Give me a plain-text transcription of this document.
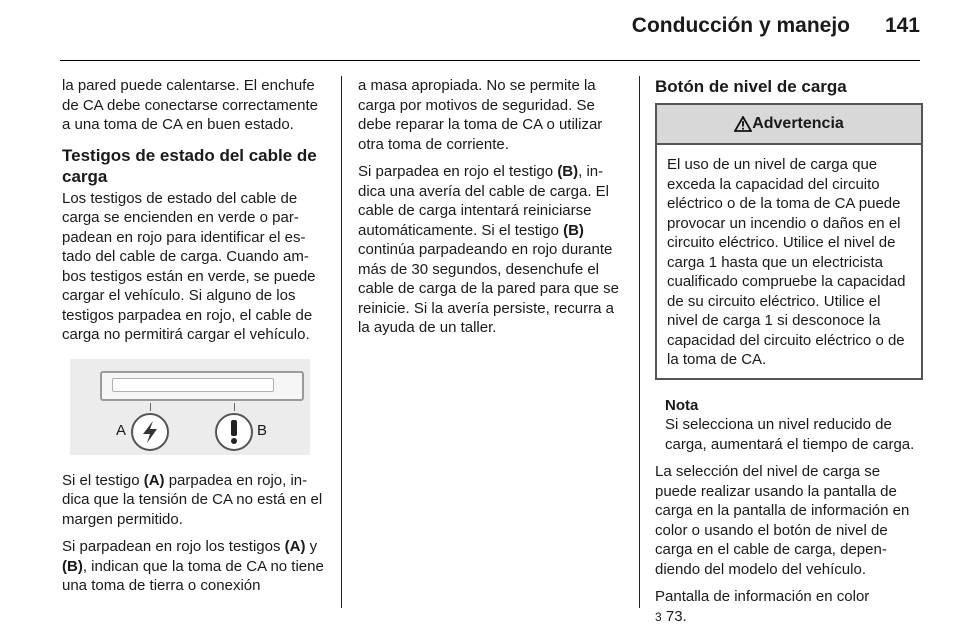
Conducción y manejo 141

la pared puede calentarse. El enchufe de CA debe conectarse correctamente a una toma de CA en buen estado.

Testigos de estado del cable de carga

Los testigos de estado del cable de carga se encienden en verde o parpadean en rojo para identificar el estado del cable de carga. Cuando ambos testigos están en verde, se puede cargar el vehículo. Si alguno de los testigos parpadea en rojo, el cable de carga no permitirá cargar el vehículo.

A	B

Si el testigo (A) parpadea en rojo, indica que la tensión de CA no está en el margen permitido.

Si parpadean en rojo los testigos (A) y (B), indican que la toma de CA no tiene una toma de tierra o conexión

a masa apropiada. No se permite la carga por motivos de seguridad. Se debe reparar la toma de CA o utilizar otra toma de corriente.

Si parpadea en rojo el testigo (B), indica una avería del cable de carga. El cable de carga intentará reiniciarse automáticamente. Si el testigo (B) continúa parpadeando en rojo durante más de 30 segundos, desenchufe el cable de carga de la pared para que se reinicie. Si la avería persiste, recurra a la ayuda de un taller.

Botón de nivel de carga
Advertencia
El uso de un nivel de carga que exceda la capacidad del circuito eléctrico o de la toma de CA puede provocar un incendio o daños en el circuito eléctrico. Utilice el nivel de carga 1 hasta que un electricista cualificado compruebe la capacidad de su circuito eléctrico. Utilice el nivel de carga 1 si desconoce la capacidad del circuito eléctrico o de la toma de CA.
Nota
Si selecciona un nivel reducido de carga, aumentará el tiempo de carga.

La selección del nivel de carga se puede realizar usando la pantalla de carga en la pantalla de información en color o usando el botón de nivel de carga en el cable de carga, dependiendo del modelo del vehículo.

Pantalla de información en color
3 73.
